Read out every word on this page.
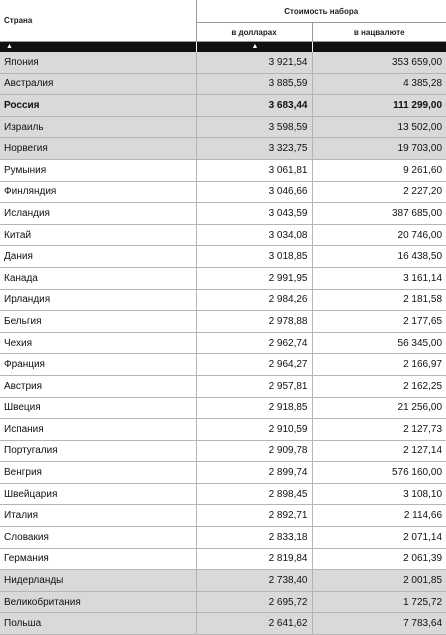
Страна	Стоимость набора	
	в долларах	в нацвалюте
▲	▲	
Япония	3 921,54	353 659,00
Австралия	3 885,59	4 385,28
Россия	3 683,44	111 299,00
Израиль	3 598,59	13 502,00
Норвегия	3 323,75	19 703,00
Румыния	3 061,81	9 261,60
Финляндия	3 046,66	2 227,20
Исландия	3 043,59	387 685,00
Китай	3 034,08	20 746,00
Дания	3 018,85	16 438,50
Канада	2 991,95	3 161,14
Ирландия	2 984,26	2 181,58
Бельгия	2 978,88	2 177,65
Чехия	2 962,74	56 345,00
Франция	2 964,27	2 166,97
Австрия	2 957,81	2 162,25
Швеция	2 918,85	21 256,00
Испания	2 910,59	2 127,73
Португалия	2 909,78	2 127,14
Венгрия	2 899,74	576 160,00
Швейцария	2 898,45	3 108,10
Италия	2 892,71	2 114,66
Словакия	2 833,18	2 071,14
Германия	2 819,84	2 061,39
Нидерланды	2 738,40	2 001,85
Великобритания	2 695,72	1 725,72
Польша	2 641,62	7 783,64
